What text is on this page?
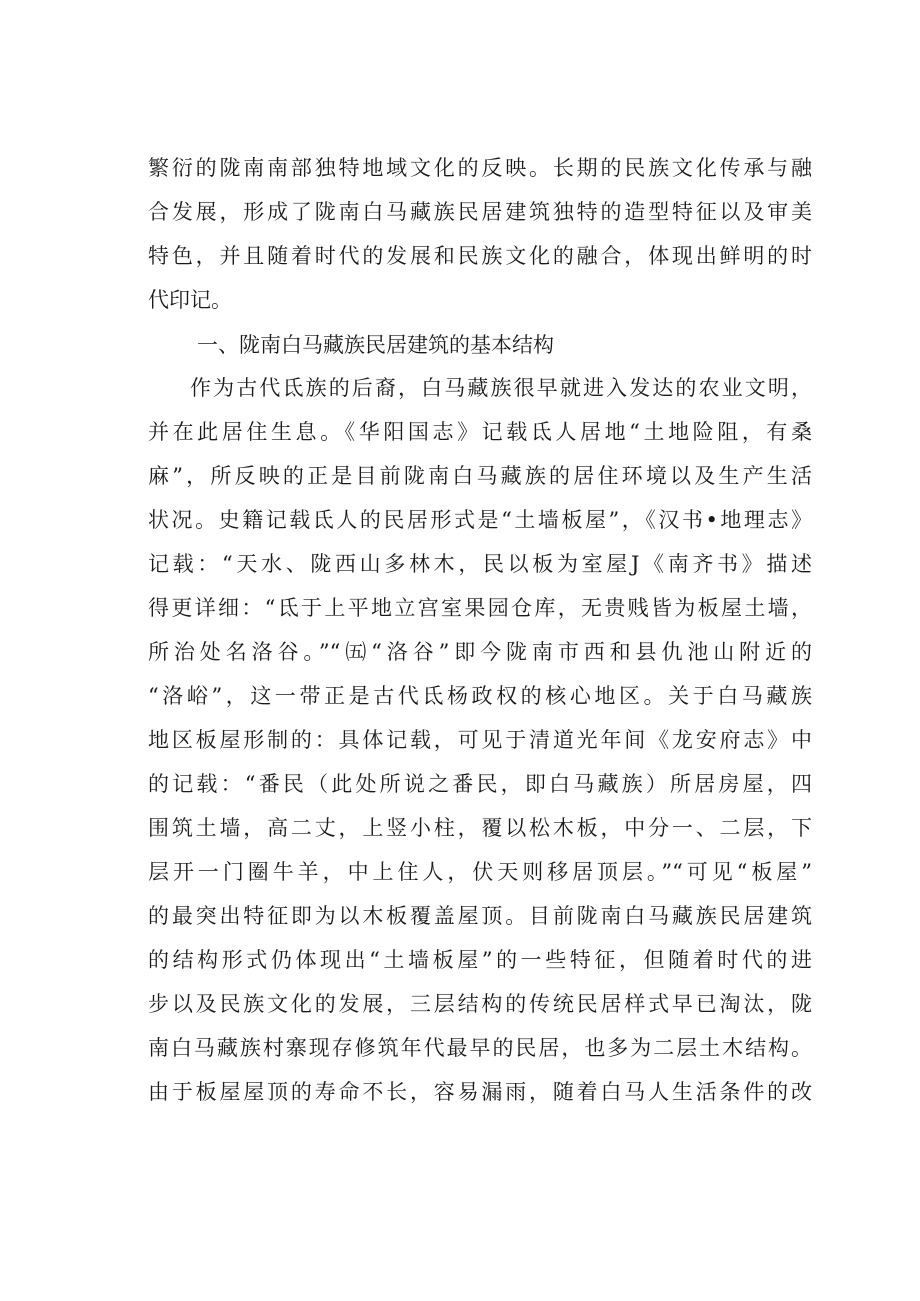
繁衍的陇南南部独特地域文化的反映。长期的民族文化传承与融
合发展，形成了陇南白马藏族民居建筑独特的造型特征以及审美
特色，并且随着时代的发展和民族文化的融合，体现出鲜明的时
代印记。
一、陇南白马藏族民居建筑的基本结构
作为古代氐族的后裔，白马藏族很早就进入发达的农业文明，
并在此居住生息。《华阳国志》记载氐人居地“土地险阻，有桑
麻”，所反映的正是目前陇南白马藏族的居住环境以及生产生活
状况。史籍记载氐人的民居形式是“土墙板屋”，《汉书•地理志》
记载：“天水、陇西山多林木，民以板为室屋J《南齐书》描述
得更详细：“氐于上平地立宫室果园仓库，无贵贱皆为板屋土墙，
所治处名洛谷。”“㈤“洛谷”即今陇南市西和县仇池山附近的
“洛峪”，这一带正是古代氐杨政权的核心地区。关于白马藏族
地区板屋形制的：具体记载，可见于清道光年间《龙安府志》中
的记载：“番民（此处所说之番民，即白马藏族）所居房屋，四
围筑土墙，高二丈，上竖小柱，覆以松木板，中分一、二层，下
层开一门圈牛羊，中上住人，伏天则移居顶层。”“可见“板屋”
的最突出特征即为以木板覆盖屋顶。目前陇南白马藏族民居建筑
的结构形式仍体现出“土墙板屋”的一些特征，但随着时代的进
步以及民族文化的发展，三层结构的传统民居样式早已淘汰，陇
南白马藏族村寨现存修筑年代最早的民居，也多为二层土木结构。
由于板屋屋顶的寿命不长，容易漏雨，随着白马人生活条件的改
